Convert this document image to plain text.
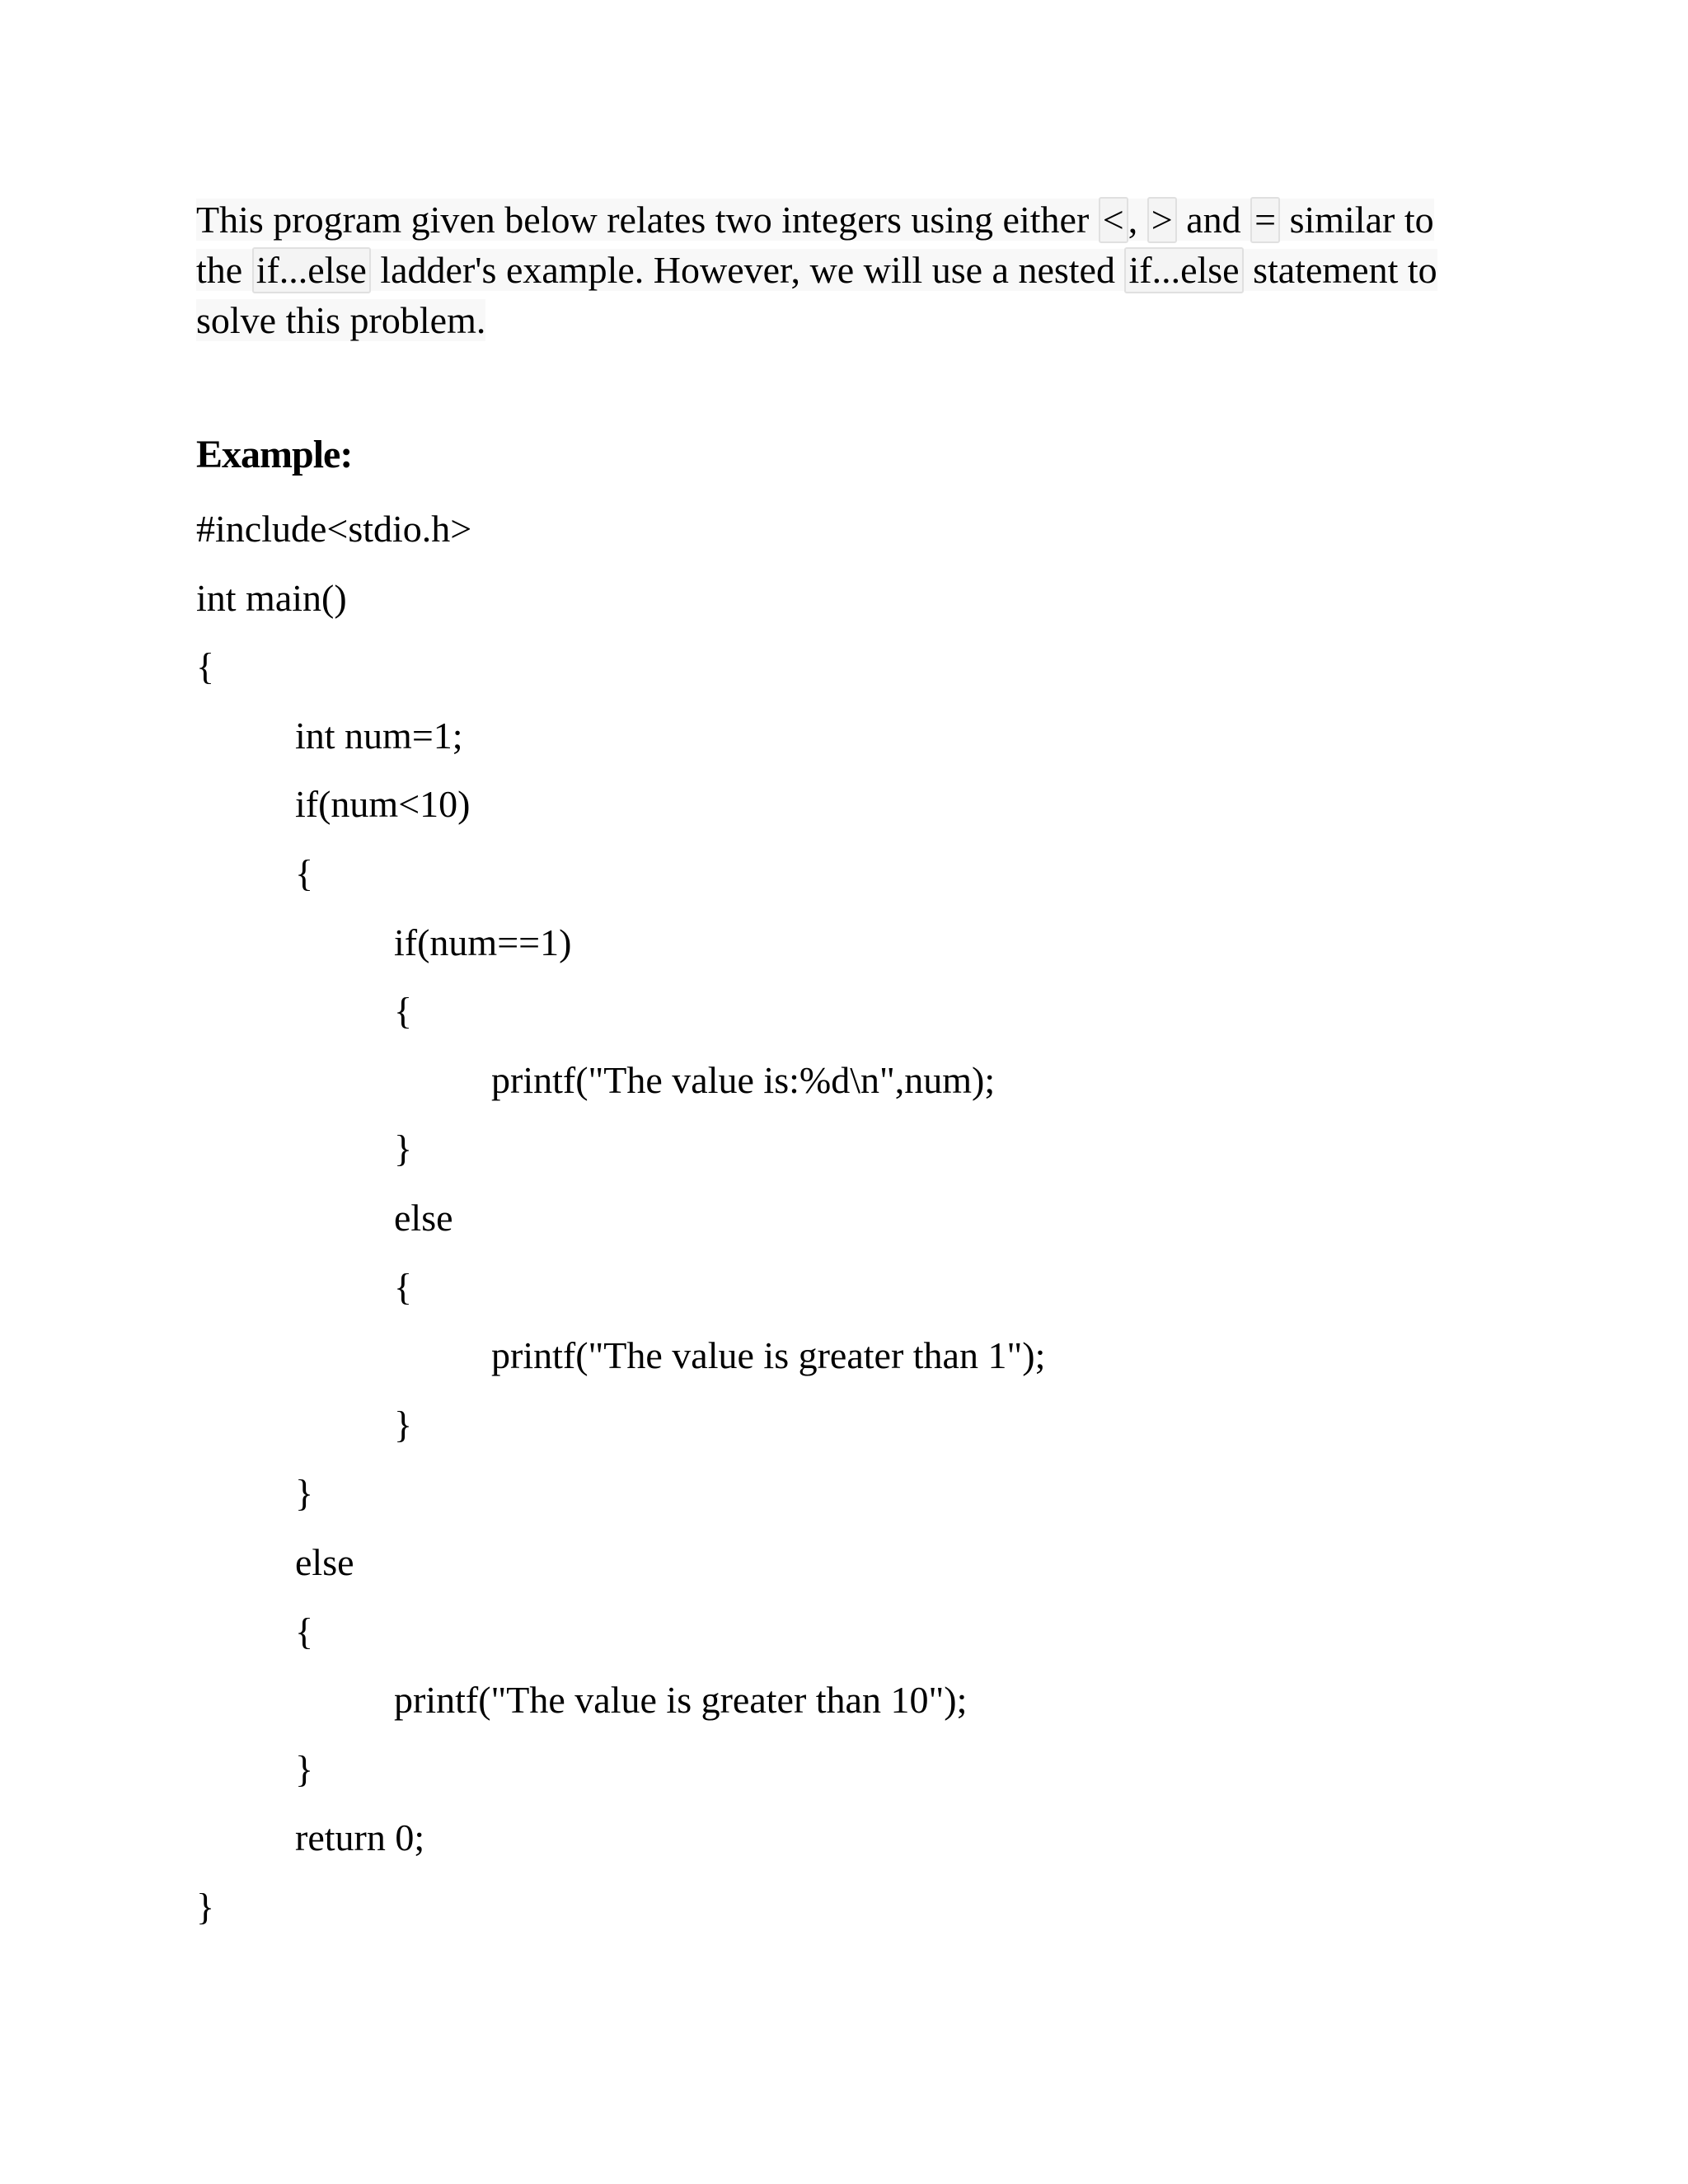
This program given below relates two integers using either < , > and = similar to the if...else ladder's example. However, we will use a nested if...else statement to solve this problem.

Example:
#include<stdio.h>
int main()
{
int num=1;
if(num<10)
{
if(num==1)
{
printf("The value is:%d\n",num);
}
else
{
printf("The value is greater than 1");
}
}
else
{
printf("The value is greater than 10");
}
return 0;
}
